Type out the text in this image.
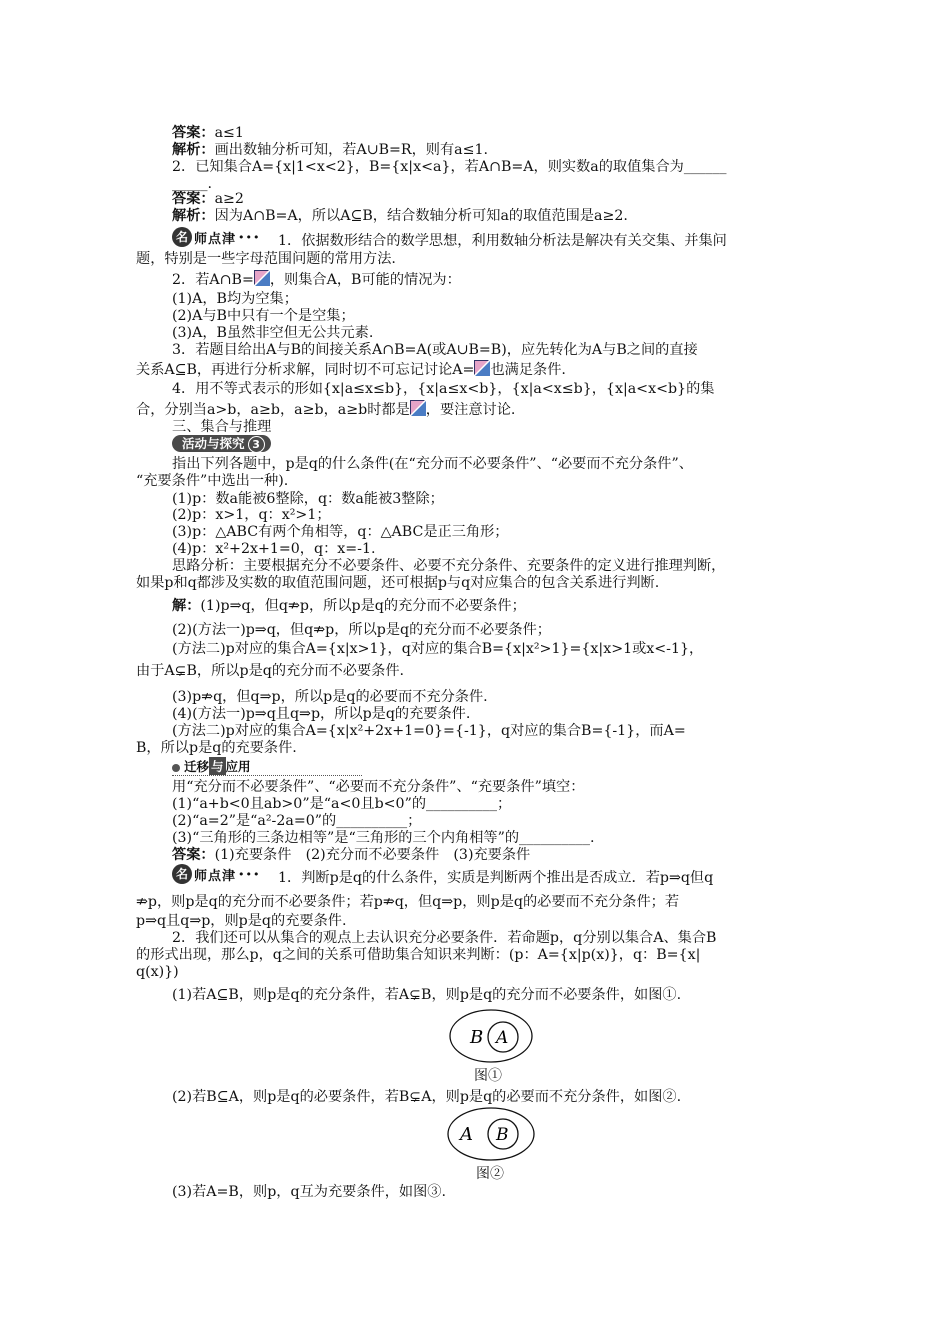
答案：a≤1
解析：画出数轴分析可知，若A∪B=R，则有a≤1.
2．已知集合A={x|1<x<2}，B={x|x<a}，若A∩B=A，则实数a的取值集合为______
_____.
答案：a≥2
解析：因为A∩B=A，所以A⊆B，结合数轴分析可知a的取值范围是a≥2.
名 师点津 ••• 1．依据数形结合的数学思想，利用数轴分析法是解决有关交集、并集问
题，特别是一些字母范围问题的常用方法.
2．若A∩B= ，则集合A，B可能的情况为：
(1)A，B均为空集；
(2)A与B中只有一个是空集；
(3)A，B虽然非空但无公共元素.
3．若题目给出A与B的间接关系A∩B=A(或A∪B=B)，应先转化为A与B之间的直接
关系A⊆B，再进行分析求解，同时切不可忘记讨论A= 也满足条件.
4．用不等式表示的形如{x|a≤x≤b}，{x|a≤x<b}，{x|a<x≤b}，{x|a<x<b}的集
合，分别当a>b，a≥b，a≥b，a≥b时都是 ，要注意讨论.
三、集合与推理
活动与探究 3
指出下列各题中，p是q的什么条件(在“充分而不必要条件”、“必要而不充分条件”、
“充要条件”中选出一种).
(1)p：数a能被6整除，q：数a能被3整除；
(2)p：x>1，q：x²>1；
(3)p：△ABC有两个角相等，q：△ABC是正三角形；
(4)p：x²+2x+1=0，q：x=-1.
思路分析：主要根据充分不必要条件、必要不充分条件、充要条件的定义进行推理判断，
如果p和q都涉及实数的取值范围问题，还可根据p与q对应集合的包含关系进行判断.
解：(1)p⇒q，但q⇏p，所以p是q的充分而不必要条件；
(2)(方法一)p⇒q，但q⇏p，所以p是q的充分而不必要条件；
(方法二)p对应的集合A={x|x>1}，q对应的集合B={x|x²>1}={x|x>1或x<-1}，
由于A⊊B，所以p是q的充分而不必要条件.
(3)p⇏q，但q⇒p，所以p是q的必要而不充分条件.
(4)(方法一)p⇒q且q⇒p，所以p是q的充要条件.
(方法二)p对应的集合A={x|x²+2x+1=0}={-1}，q对应的集合B={-1}，而A=
B，所以p是q的充要条件.
迁移 与 应用
用“充分而不必要条件”、“必要而不充分条件”、“充要条件”填空：
(1)“a+b<0且ab>0”是“a<0且b<0”的__________；
(2)“a=2”是“a²-2a=0”的__________；
(3)“三角形的三条边相等”是“三角形的三个内角相等”的__________.
答案：(1)充要条件　(2)充分而不必要条件　(3)充要条件
名 师点津 ••• 1．判断p是q的什么条件，实质是判断两个推出是否成立．若p⇒q但q
⇏p，则p是q的充分而不必要条件；若p⇏q，但q⇒p，则p是q的必要而不充分条件；若
p⇒q且q⇒p，则p是q的充要条件.
2．我们还可以从集合的观点上去认识充分必要条件．若命题p，q分别以集合A、集合B
的形式出现，那么p，q之间的关系可借助集合知识来判断：(p：A={x|p(x)}，q：B={x|
q(x)})
(1)若A⊆B，则p是q的充分条件，若A⊊B，则p是q的充分而不必要条件，如图①.
B A
图①
(2)若B⊆A，则p是q的必要条件，若B⊊A，则p是q的必要而不充分条件，如图②.
A B
图②
(3)若A=B，则p，q互为充要条件，如图③.
